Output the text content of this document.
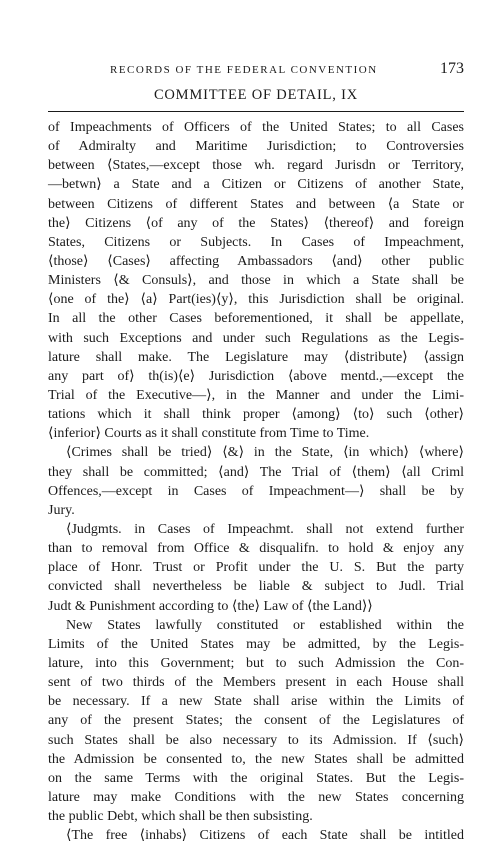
RECORDS OF THE FEDERAL CONVENTION	173
COMMITTEE OF DETAIL, IX
of Impeachments of Officers of the United States; to all Cases
of Admiralty and Maritime Jurisdiction; to Controversies
between ⟨States,—except those wh. regard Jurisdn or Territory,
—betwn⟩ a State and a Citizen or Citizens of another State,
between Citizens of different States and between ⟨a State or
the⟩ Citizens ⟨of any of the States⟩ ⟨thereof⟩ and foreign
States, Citizens or Subjects. In Cases of Impeachment,
⟨those⟩ ⟨Cases⟩ affecting Ambassadors ⟨and⟩ other public
Ministers ⟨& Consuls⟩, and those in which a State shall be
⟨one of the⟩ ⟨a⟩ Part(ies)⟨y⟩, this Jurisdiction shall be original.
In all the other Cases beforementioned, it shall be appellate,
with such Exceptions and under such Regulations as the Legis-
lature shall make. The Legislature may ⟨distribute⟩ ⟨assign
any part of⟩ th(is)⟨e⟩ Jurisdiction ⟨above mentd.,—except the
Trial of the Executive—⟩, in the Manner and under the Limi-
tations which it shall think proper ⟨among⟩ ⟨to⟩ such ⟨other⟩
⟨inferior⟩ Courts as it shall constitute from Time to Time.
⟨Crimes shall be tried⟩ ⟨&⟩ in the State, ⟨in which⟩ ⟨where⟩
they shall be committed; ⟨and⟩ The Trial of ⟨them⟩ ⟨all Criml
Offences,—except in Cases of Impeachment—⟩ shall be by
Jury.
⟨Judgmts. in Cases of Impeachmt. shall not extend further
than to removal from Office & disqualifn. to hold & enjoy any
place of Honr. Trust or Profit under the U. S. But the party
convicted shall nevertheless be liable & subject to Judl. Trial
Judt & Punishment according to ⟨the⟩ Law of ⟨the Land⟩⟩
New States lawfully constituted or established within the
Limits of the United States may be admitted, by the Legis-
lature, into this Government; but to such Admission the Con-
sent of two thirds of the Members present in each House shall
be necessary. If a new State shall arise within the Limits of
any of the present States; the consent of the Legislatures of
such States shall be also necessary to its Admission. If ⟨such⟩
the Admission be consented to, the new States shall be admitted
on the same Terms with the original States. But the Legis-
lature may make Conditions with the new States concerning
the public Debt, which shall be then subsisting.
⟨The free ⟨inhabs⟩ Citizens of each State shall be intitled
